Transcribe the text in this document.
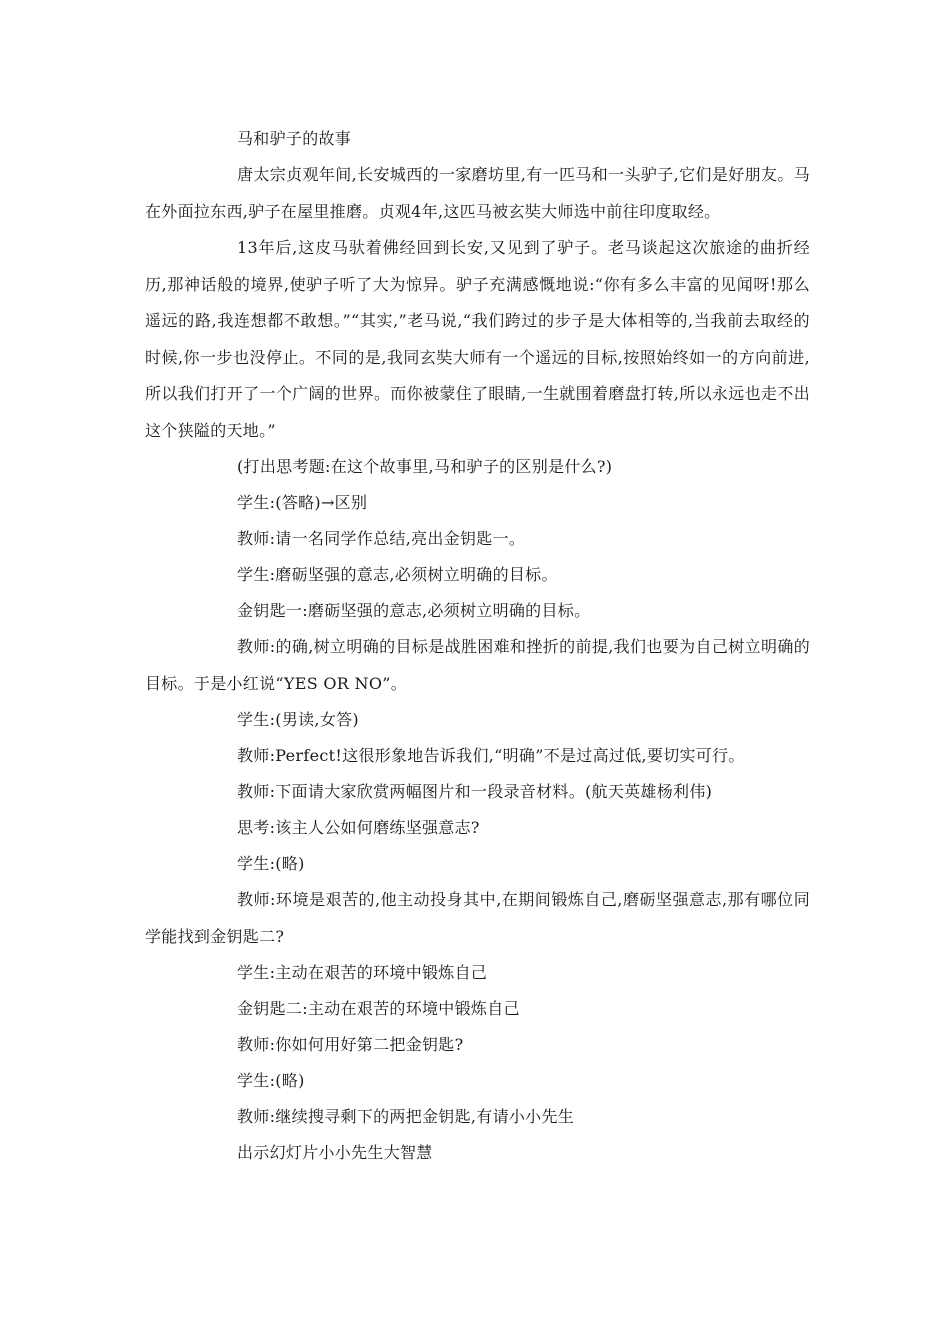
马和驴子的故事

唐太宗贞观年间,长安城西的一家磨坊里,有一匹马和一头驴子,它们是好朋友。马在外面拉东西,驴子在屋里推磨。贞观4年,这匹马被玄奘大师选中前往印度取经。

13年后,这皮马驮着佛经回到长安,又见到了驴子。老马谈起这次旅途的曲折经历,那神话般的境界,使驴子听了大为惊异。驴子充满感慨地说:“你有多么丰富的见闻呀!那么遥远的路,我连想都不敢想。”“其实,”老马说,“我们跨过的步子是大体相等的,当我前去取经的时候,你一步也没停止。不同的是,我同玄奘大师有一个遥远的目标,按照始终如一的方向前进,所以我们打开了一个广阔的世界。而你被蒙住了眼睛,一生就围着磨盘打转,所以永远也走不出这个狭隘的天地。”

(打出思考题:在这个故事里,马和驴子的区别是什么?)

学生:(答略)→区别

教师:请一名同学作总结,亮出金钥匙一。

学生:磨砺坚强的意志,必须树立明确的目标。

金钥匙一:磨砺坚强的意志,必须树立明确的目标。

教师:的确,树立明确的目标是战胜困难和挫折的前提,我们也要为自己树立明确的目标。于是小红说“YES OR NO”。

学生:(男读,女答)

教师:Perfect!这很形象地告诉我们,“明确”不是过高过低,要切实可行。

教师:下面请大家欣赏两幅图片和一段录音材料。(航天英雄杨利伟)

思考:该主人公如何磨练坚强意志?

学生:(略)

教师:环境是艰苦的,他主动投身其中,在期间锻炼自己,磨砺坚强意志,那有哪位同学能找到金钥匙二?

学生:主动在艰苦的环境中锻炼自己

金钥匙二:主动在艰苦的环境中锻炼自己

教师:你如何用好第二把金钥匙?

学生:(略)

教师:继续搜寻剩下的两把金钥匙,有请小小先生

出示幻灯片小小先生大智慧
